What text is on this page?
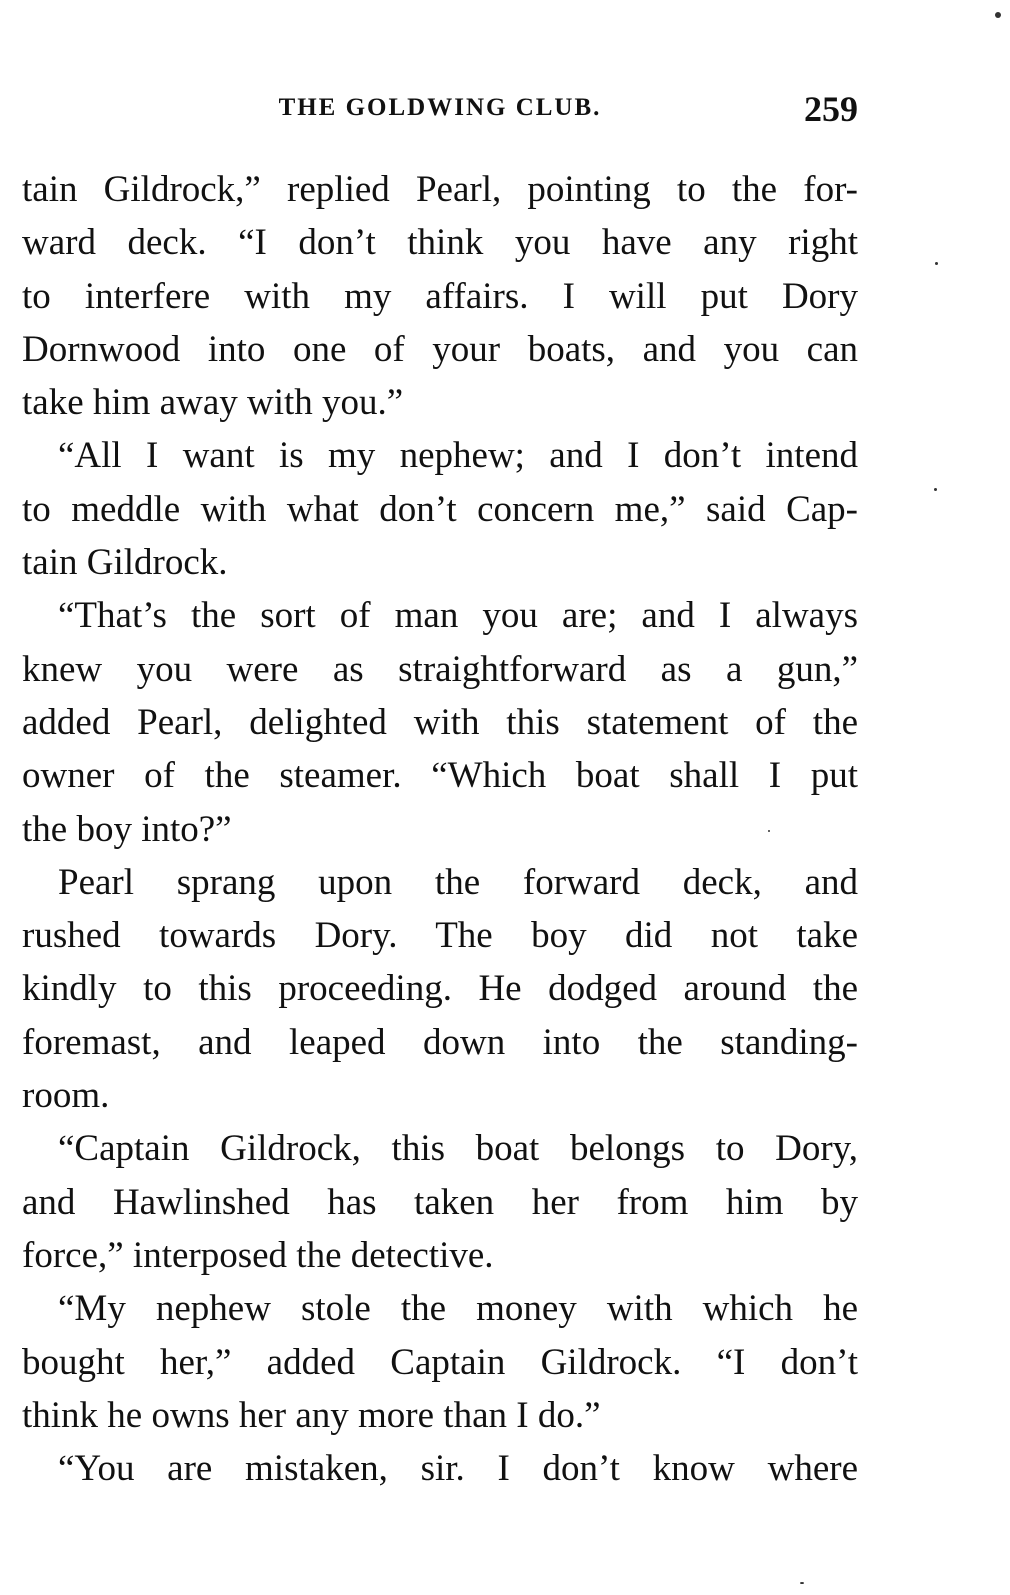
THE GOLDWING CLUB.	259
tain Gildrock,” replied Pearl, pointing to the for-
ward deck. “I don’t think you have any right
to interfere with my affairs. I will put Dory
Dornwood into one of your boats, and you can
take him away with you.”
“All I want is my nephew; and I don’t intend
to meddle with what don’t concern me,” said Cap-
tain Gildrock.
“That’s the sort of man you are; and I always
knew you were as straightforward as a gun,”
added Pearl, delighted with this statement of the
owner of the steamer. “Which boat shall I put
the boy into?”
Pearl sprang upon the forward deck, and
rushed towards Dory. The boy did not take
kindly to this proceeding. He dodged around the
foremast, and leaped down into the standing-
room.
“Captain Gildrock, this boat belongs to Dory,
and Hawlinshed has taken her from him by
force,” interposed the detective.
“My nephew stole the money with which he
bought her,” added Captain Gildrock. “I don’t
think he owns her any more than I do.”
“You are mistaken, sir. I don’t know where
